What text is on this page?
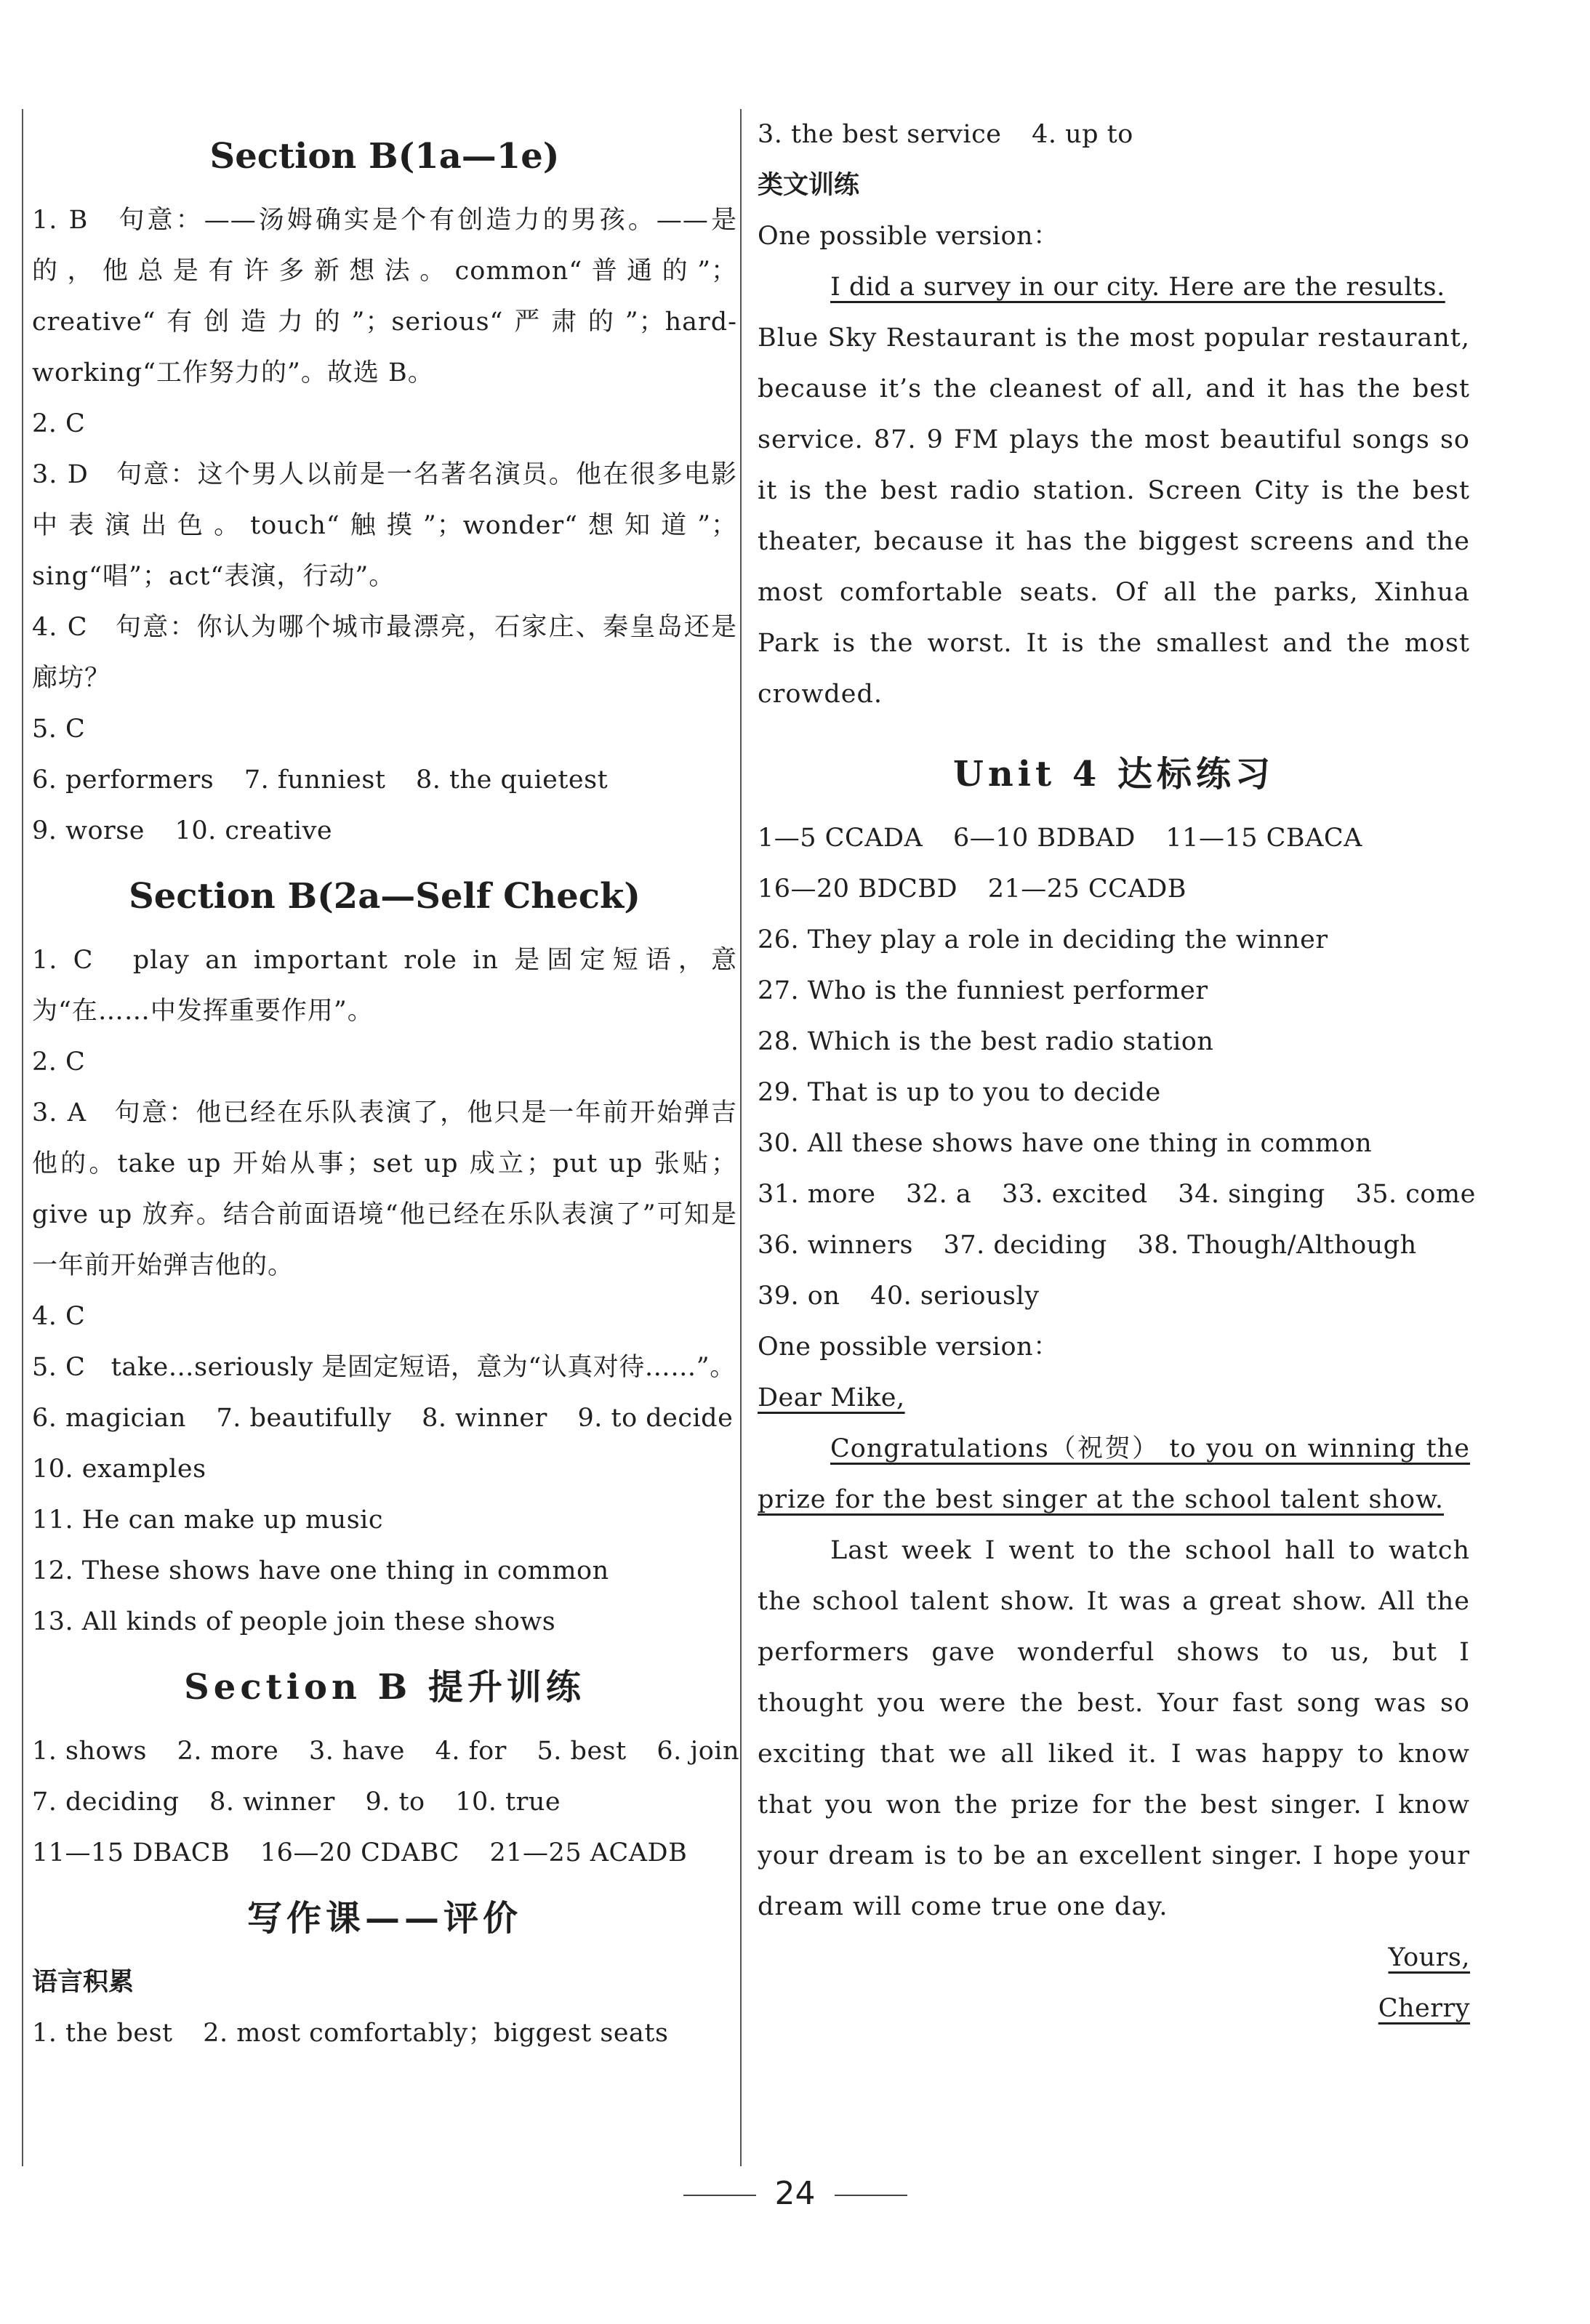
Section B(1a—1e)
1. B　句意：——汤姆确实是个有创造力的男孩。——是的，他总是有许多新想法。common“普通的”；creative“有创造力的”；serious“严肃的”；hard-working“工作努力的”。故选 B。
2. C
3. D　句意：这个男人以前是一名著名演员。他在很多电影中表演出色。touch“触摸”；wonder“想知道”；sing“唱”；act“表演，行动”。
4. C　句意：你认为哪个城市最漂亮，石家庄、秦皇岛还是廊坊？
5. C
6. performers 7. funniest 8. the quietest
9. worse 10. creative
Section B(2a—Self Check)
1. C　play an important role in 是固定短语，意为“在……中发挥重要作用”。
2. C
3. A　句意：他已经在乐队表演了，他只是一年前开始弹吉他的。take up 开始从事；set up 成立；put up 张贴；give up 放弃。结合前面语境“他已经在乐队表演了”可知是一年前开始弹吉他的。
4. C
5. C　take…seriously 是固定短语，意为“认真对待……”。
6. magician 7. beautifully 8. winner 9. to decide
10. examples
11. He can make up music
12. These shows have one thing in common
13. All kinds of people join these shows
Section B 提升训练
1. shows 2. more 3. have 4. for 5. best 6. join
7. deciding 8. winner 9. to 10. true
11—15 DBACB 16—20 CDABC 21—25 ACADB
写作课——评价
语言积累
1. the best 2. most comfortably；biggest seats
3. the best service 4. up to
类文训练
One possible version：
I did a survey in our city. Here are the results.
Blue Sky Restaurant is the most popular restaurant, because it’s the cleanest of all, and it has the best service. 87. 9 FM plays the most beautiful songs so it is the best radio station. Screen City is the best theater, because it has the biggest screens and the most comfortable seats. Of all the parks, Xinhua Park is the worst. It is the smallest and the most crowded.
Unit 4 达标练习
1—5 CCADA 6—10 BDBAD 11—15 CBACA
16—20 BDCBD 21—25 CCADB
26. They play a role in deciding the winner
27. Who is the funniest performer
28. Which is the best radio station
29. That is up to you to decide
30. All these shows have one thing in common
31. more 32. a 33. excited 34. singing 35. come
36. winners 37. deciding 38. Though/Although
39. on 40. seriously
One possible version：
Dear Mike,
Congratulations（祝贺） to you on winning the prize for the best singer at the school talent show.
Last week I went to the school hall to watch the school talent show. It was a great show. All the performers gave wonderful shows to us, but I thought you were the best. Your fast song was so exciting that we all liked it. I was happy to know that you won the prize for the best singer. I know your dream is to be an excellent singer. I hope your dream will come true one day.
Yours,
Cherry
24
